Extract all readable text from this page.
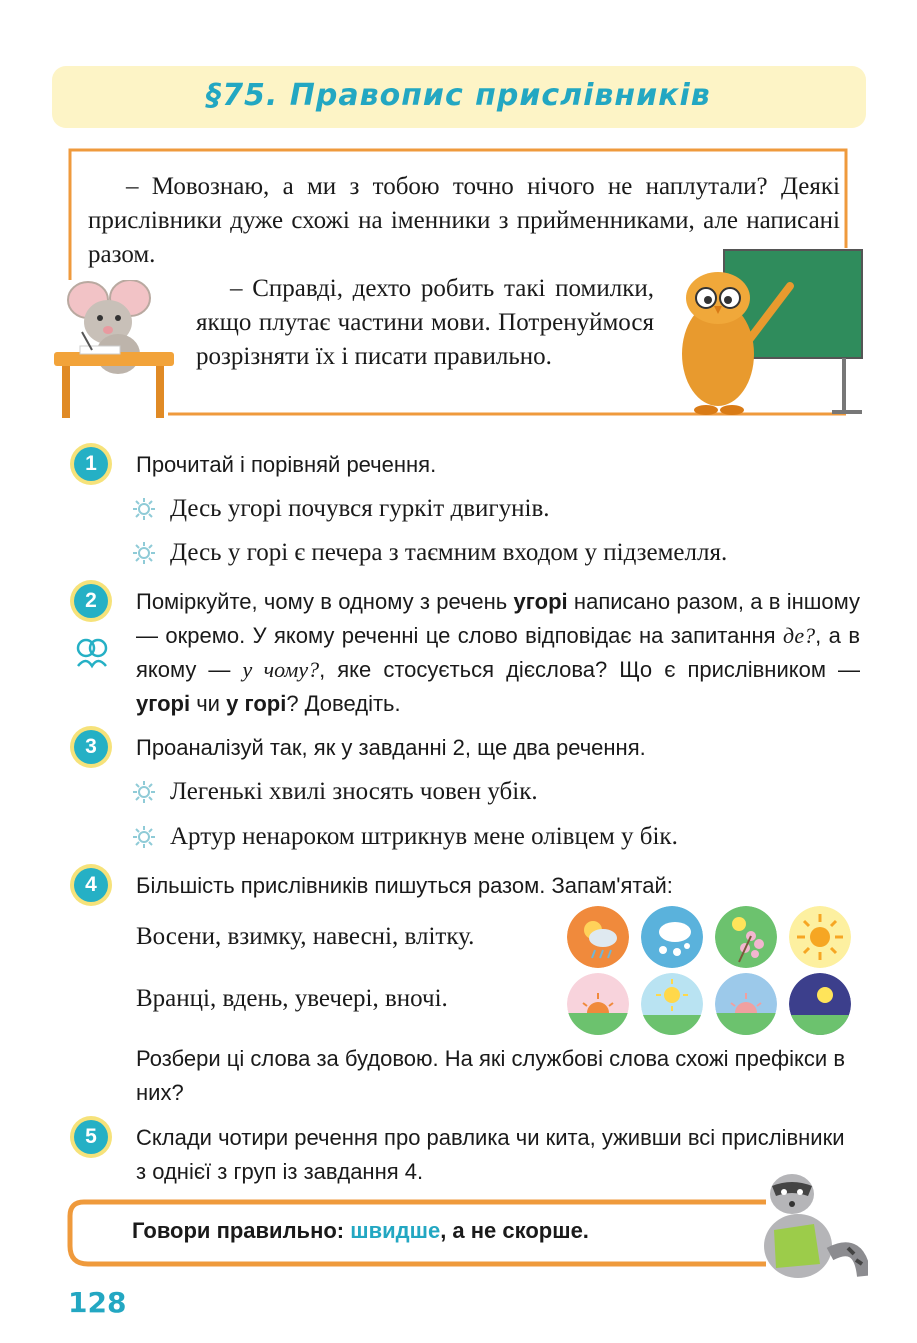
§75. Правопис прислівників
– Мовознаю, а ми з тобою точно нічого не наплутали? Деякі прислівники дуже схожі на іменники з прийменниками, але написані разом.
– Справді, дехто робить такі помилки, якщо плутає частини мови. Потренуймося розрізняти їх і писати правильно.
1	Прочитай і порівняй речення.
Десь угорі почувся гуркіт двигунів.
Десь у горі є печера з таємним входом у підземелля.
2	Поміркуйте, чому в одному з речень угорі написано разом, а в іншому — окремо. У якому реченні це слово відповідає на запитання де?, а в якому — у чому?, яке стосується дієслова? Що є прислівником — угорі чи у горі? Доведіть.
3	Проаналізуй так, як у завданні 2, ще два речення.
Легенькі хвилі зносять човен убік.
Артур ненароком штрикнув мене олівцем у бік.
4	Більшість прислівників пишуться разом. Запам'ятай:
Восени, взимку, навесні, влітку.
Вранці, вдень, увечері, вночі.
Розбери ці слова за будовою. На які службові слова схожі префікси в них?
5	Склади чотири речення про равлика чи кита, уживши всі прислівники з однієї з груп із завдання 4.
Говори правильно: швидше, а не скорше.
128
